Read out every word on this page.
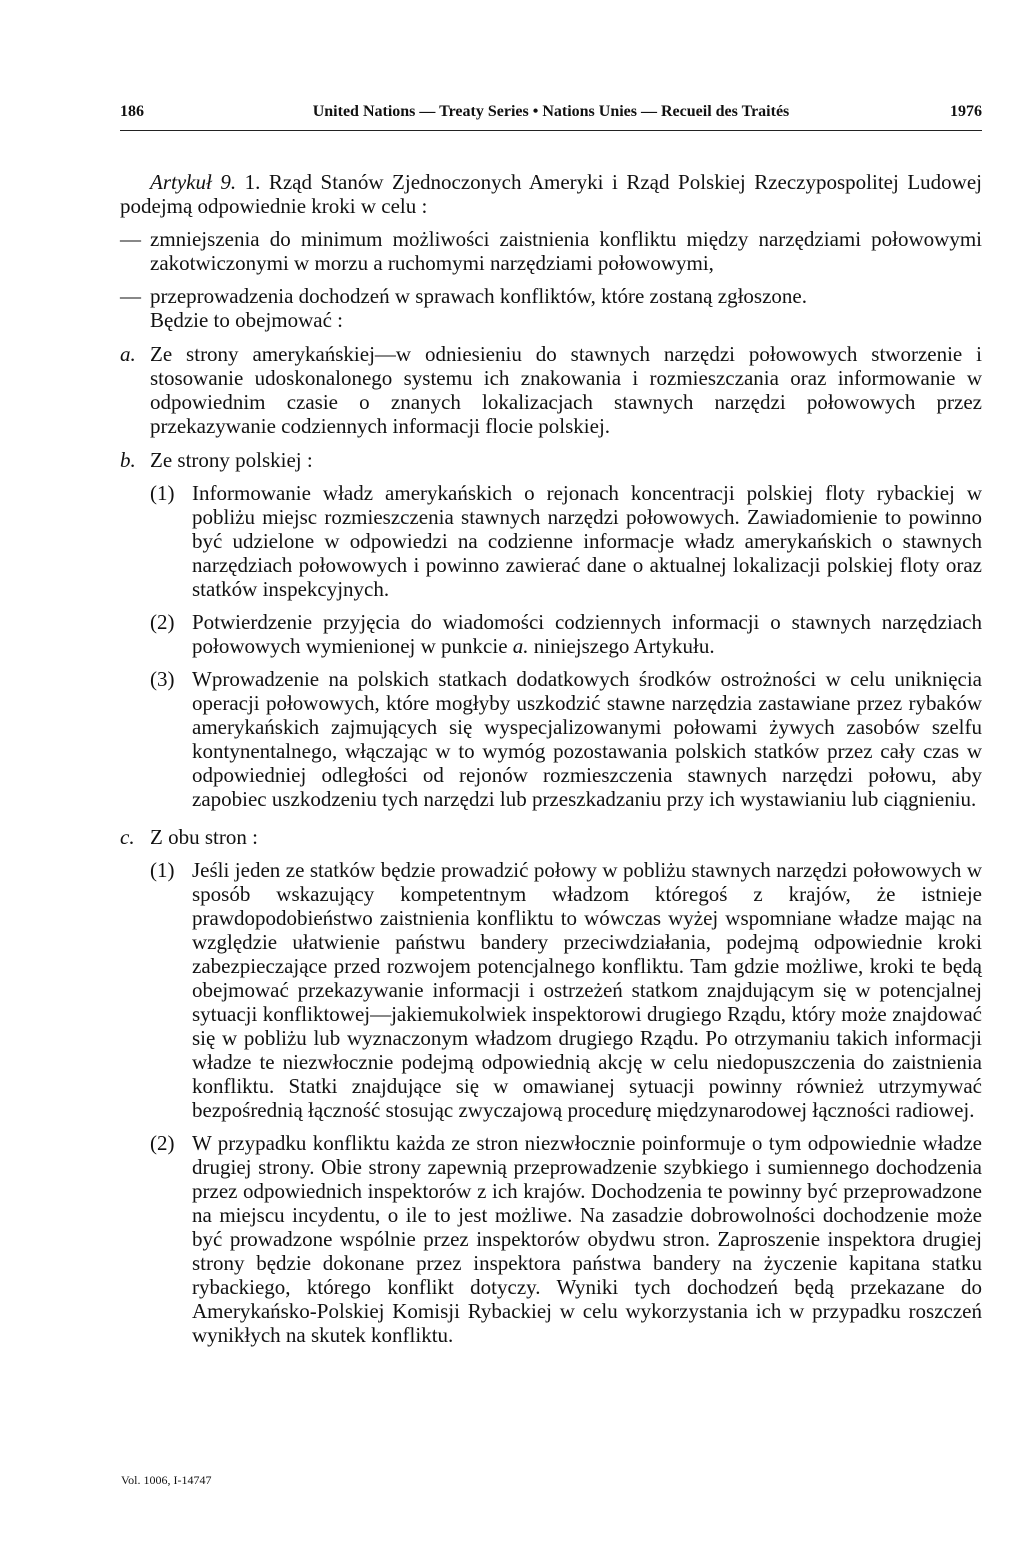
186	United Nations — Treaty Series • Nations Unies — Recueil des Traités	1976

Artykuł 9. 1. Rząd Stanów Zjednoczonych Ameryki i Rząd Polskiej Rzeczypospolitej Ludowej podejmą odpowiednie kroki w celu :

— zmniejszenia do minimum możliwości zaistnienia konfliktu między narzędziami połowowymi zakotwiczonymi w morzu a ruchomymi narzędziami połowowymi,
— przeprowadzenia dochodzeń w sprawach konfliktów, które zostaną zgłoszone.

Będzie to obejmować :

a. Ze strony amerykańskiej—w odniesieniu do stawnych narzędzi połowowych stworzenie i stosowanie udoskonalonego systemu ich znakowania i rozmieszczania oraz informowanie w odpowiednim czasie o znanych lokalizacjach stawnych narzędzi połowowych przez przekazywanie codziennych informacji flocie polskiej.
b. Ze strony polskiej :
(1) Informowanie władz amerykańskich o rejonach koncentracji polskiej floty rybackiej w pobliżu miejsc rozmieszczenia stawnych narzędzi połowowych. Zawiadomienie to powinno być udzielone w odpowiedzi na codzienne informacje władz amerykańskich o stawnych narzędziach połowowych i powinno zawierać dane o aktualnej lokalizacji polskiej floty oraz statków inspekcyjnych.
(2) Potwierdzenie przyjęcia do wiadomości codziennych informacji o stawnych narzędziach połowowych wymienionej w punkcie a. niniejszego Artykułu.
(3) Wprowadzenie na polskich statkach dodatkowych środków ostrożności w celu uniknięcia operacji połowowych, które mogłyby uszkodzić stawne narzędzia zastawiane przez rybaków amerykańskich zajmujących się wyspecjalizowanymi połowami żywych zasobów szelfu kontynentalnego, włączając w to wymóg pozostawania polskich statków przez cały czas w odpowiedniej odległości od rejonów rozmieszczenia stawnych narzędzi połowu, aby zapobiec uszkodzeniu tych narzędzi lub przeszkadzaniu przy ich wystawianiu lub ciągnieniu.
c. Z obu stron :
(1) Jeśli jeden ze statków będzie prowadzić połowy w pobliżu stawnych narzędzi połowowych w sposób wskazujący kompetentnym władzom któregoś z krajów, że istnieje prawdopodobieństwo zaistnienia konfliktu to wówczas wyżej wspomniane władze mając na względzie ułatwienie państwu bandery przeciwdziałania, podejmą odpowiednie kroki zabezpieczające przed rozwojem potencjalnego konfliktu. Tam gdzie możliwe, kroki te będą obejmować przekazywanie informacji i ostrzeżeń statkom znajdującym się w potencjalnej sytuacji konfliktowej—jakiemukolwiek inspektorowi drugiego Rządu, który może znajdować się w pobliżu lub wyznaczonym władzom drugiego Rządu. Po otrzymaniu takich informacji władze te niezwłocznie podejmą odpowiednią akcję w celu niedopuszczenia do zaistnienia konfliktu. Statki znajdujące się w omawianej sytuacji powinny również utrzymywać bezpośrednią łączność stosując zwyczajową procedurę międzynarodowej łączności radiowej.
(2) W przypadku konfliktu każda ze stron niezwłocznie poinformuje o tym odpowiednie władze drugiej strony. Obie strony zapewnią przeprowadzenie szybkiego i sumiennego dochodzenia przez odpowiednich inspektorów z ich krajów. Dochodzenia te powinny być przeprowadzone na miejscu incydentu, o ile to jest możliwe. Na zasadzie dobrowolności dochodzenie może być prowadzone wspólnie przez inspektorów obydwu stron. Zaproszenie inspektora drugiej strony będzie dokonane przez inspektora państwa bandery na życzenie kapitana statku rybackiego, którego konflikt dotyczy. Wyniki tych dochodzeń będą przekazane do Amerykańsko-Polskiej Komisji Rybackiej w celu wykorzystania ich w przypadku roszczeń wynikłych na skutek konfliktu.
Vol. 1006, I-14747
